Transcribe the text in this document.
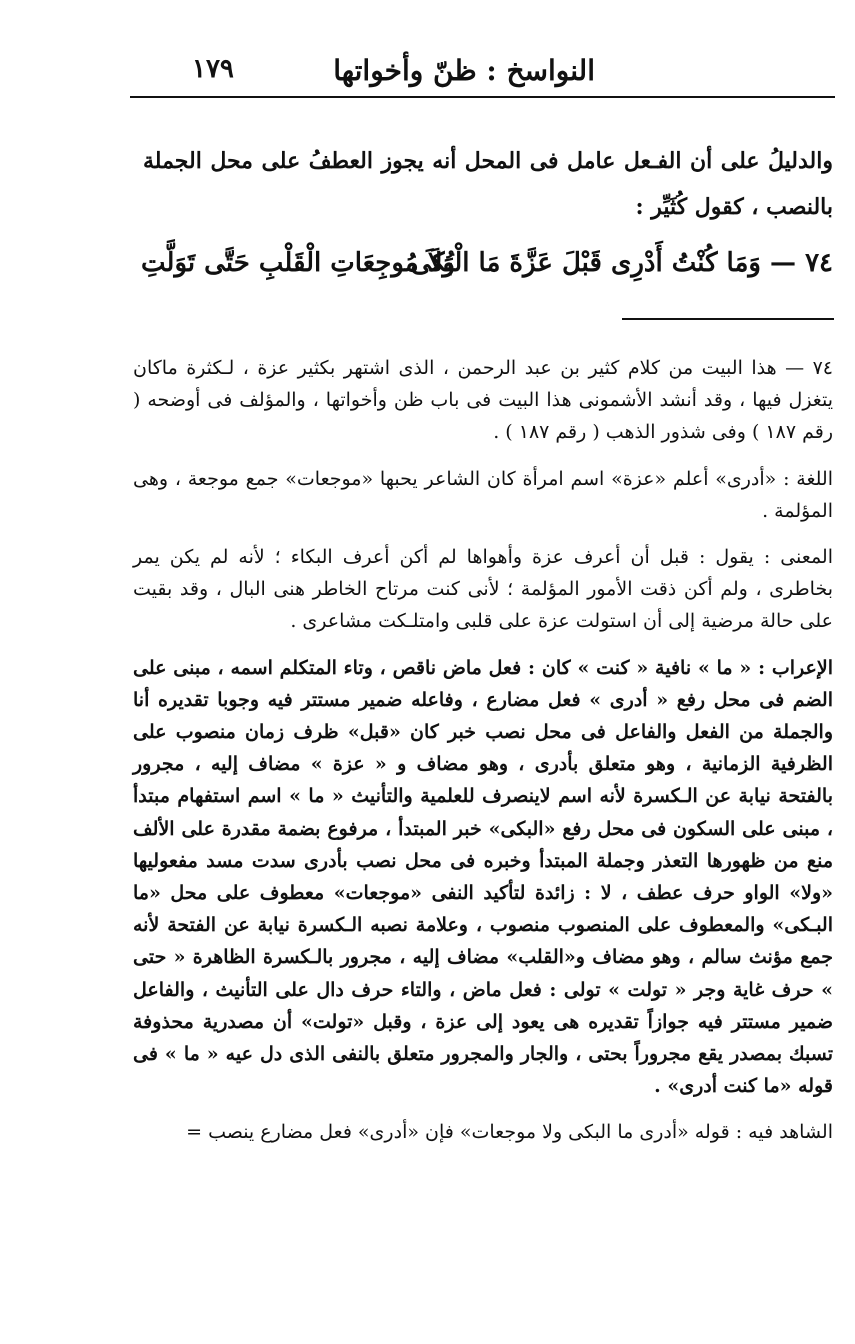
النواسخ : ظنّ وأخواتها
١٧٩
والدليلُ على أن الفـعل عامل فى المحل أنه يجوز العطفُ على محل الجملة بالنصب ، كقول كُثَيِّر :
٧٤ — وَمَا كُنْتُ أَدْرِى قَبْلَ عَزَّةَ مَا الْبُكَى
وَلاَ مُوجِعَاتِ الْقَلْبِ حَتَّى تَوَلَّتِ

٧٤ — هذا البيت من كلام كثير بن عبد الرحمن ، الذى اشتهر بكثير عزة ، لـكثرة ماكان يتغزل فيها ، وقد أنشد الأشمونى هذا البيت فى باب ظن وأخواتها ، والمؤلف فى أوضحه ( رقم ١٨٧ ) وفى شذور الذهب ( رقم ١٨٧ ) .

اللغة : «أدرى» أعلم «عزة» اسم امرأة كان الشاعر يحبها «موجعات» جمع موجعة ، وهى المؤلمة .

المعنى : يقول : قبل أن أعرف عزة وأهواها لم أكن أعرف البكاء ؛ لأنه لم يكن يمر بخاطرى ، ولم أكن ذقت الأمور المؤلمة ؛ لأنى كنت مرتاح الخاطر هنى البال ، وقد بقيت على حالة مرضية إلى أن استولت عزة على قلبى وامتلـكت مشاعرى .

الإعراب : « ما » نافية « كنت » كان : فعل ماض ناقص ، وتاء المتكلم اسمه ، مبنى على الضم فى محل رفع « أدرى » فعل مضارع ، وفاعله ضمير مستتر فيه وجوبا تقديره أنا والجملة من الفعل والفاعل فى محل نصب خبر كان «قبل» ظرف زمان منصوب على الظرفية الزمانية ، وهو متعلق بأدرى ، وهو مضاف و « عزة » مضاف إليه ، مجرور بالفتحة نيابة عن الـكسرة لأنه اسم لاينصرف للعلمية والتأنيث « ما » اسم استفهام مبتدأ ، مبنى على السكون فى محل رفع «البكى» خبر المبتدأ ، مرفوع بضمة مقدرة على الألف منع من ظهورها التعذر وجملة المبتدأ وخبره فى محل نصب بأدرى سدت مسد مفعوليها «ولا» الواو حرف عطف ، لا : زائدة لتأكيد النفى «موجعات» معطوف على محل «ما البـكى» والمعطوف على المنصوب منصوب ، وعلامة نصبه الـكسرة نيابة عن الفتحة لأنه جمع مؤنث سالم ، وهو مضاف و«القلب» مضاف إليه ، مجرور بالـكسرة الظاهرة « حتى » حرف غاية وجر « تولت » تولى : فعل ماض ، والتاء حرف دال على التأنيث ، والفاعل ضمير مستتر فيه جوازاً تقديره هى يعود إلى عزة ، وقبل «تولت» أن مصدرية محذوفة تسبك بمصدر يقع مجروراً بحتى ، والجار والمجرور متعلق بالنفى الذى دل عيه « ما » فى قوله «ما كنت أدرى» .

الشاهد فيه : قوله «أدرى ما البكى ولا موجعات» فإن «أدرى» فعل مضارع ينصب =
